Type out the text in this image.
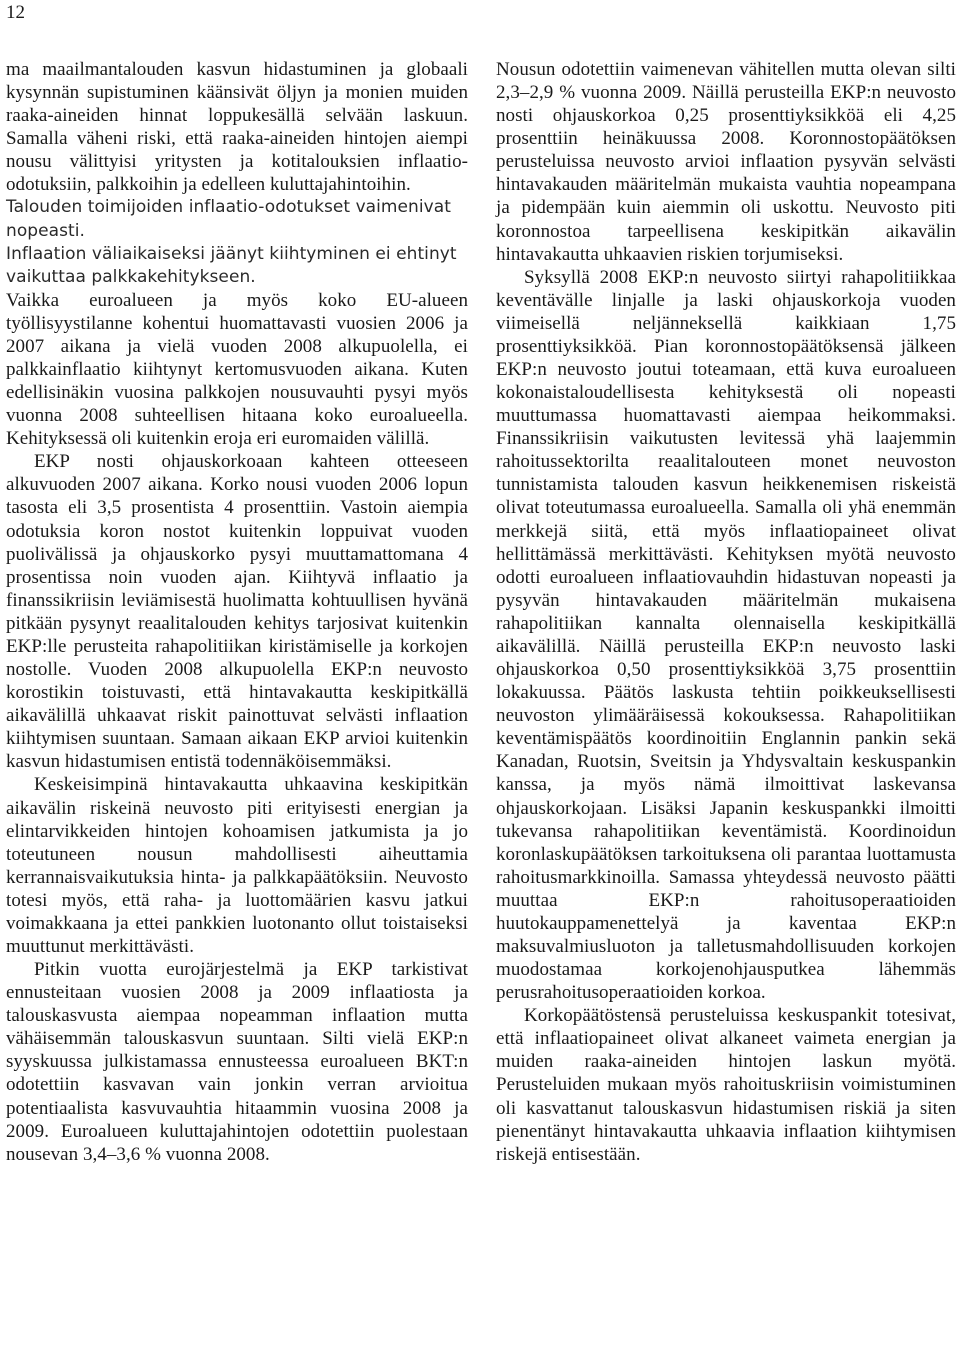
12

ma maailmantalouden kasvun hidastuminen ja globaali kysynnän supistuminen käänsivät öljyn ja monien muiden raaka-aineiden hinnat loppukesällä selvään laskuun. Samalla väheni riski, että raaka-aineiden hintojen aiempi nousu välittyisi yritysten ja kotitalouksien inflaatio-odotuksiin, palkkoihin ja edelleen kuluttajahintoihin.

Talouden toimijoiden inflaatio-odotukset vaimenivat nopeasti.

Inflaation väliaikaiseksi jäänyt kiihtyminen ei ehtinyt vaikuttaa palkkakehitykseen.

Vaikka euroalueen ja myös koko EU-alueen työllisyystilanne kohentui huomattavasti vuosien 2006 ja 2007 aikana ja vielä vuoden 2008 alkupuolella, ei palkkainflaatio kiihtynyt kertomusvuoden aikana. Kuten edellisinäkin vuosina palkkojen nousuvauhti pysyi myös vuonna 2008 suhteellisen hitaana koko euroalueella. Kehityksessä oli kuitenkin eroja eri euromaiden välillä.

EKP nosti ohjauskorkoaan kahteen otteeseen alkuvuoden 2007 aikana. Korko nousi vuoden 2006 lopun tasosta eli 3,5 prosentista 4 prosenttiin. Vastoin aiempia odotuksia koron nostot kuitenkin loppuivat vuoden puolivälissä ja ohjauskorko pysyi muuttamattomana 4 prosentissa noin vuoden ajan. Kiihtyvä inflaatio ja finanssikriisin leviämisestä huolimatta kohtuullisen hyvänä pitkään pysynyt reaalitalouden kehitys tarjosivat kuitenkin EKP:lle perusteita rahapolitiikan kiristämiselle ja korkojen nostolle. Vuoden 2008 alkupuolella EKP:n neuvosto korostikin toistuvasti, että hintavakautta keskipitkällä aikavälillä uhkaavat riskit painottuvat selvästi inflaation kiihtymisen suuntaan. Samaan aikaan EKP arvioi kuitenkin kasvun hidastumisen entistä todennäköisemmäksi.

Keskeisimpinä hintavakautta uhkaavina keskipitkän aikavälin riskeinä neuvosto piti erityisesti energian ja elintarvikkeiden hintojen kohoamisen jatkumista ja jo toteutuneen nousun mahdollisesti aiheuttamia kerrannaisvaikutuksia hinta- ja palkkapäätöksiin. Neuvosto totesi myös, että raha- ja luottomäärien kasvu jatkui voimakkaana ja ettei pankkien luotonanto ollut toistaiseksi muuttunut merkittävästi.

Pitkin vuotta eurojärjestelmä ja EKP tarkistivat ennusteitaan vuosien 2008 ja 2009 inflaatiosta ja talouskasvusta aiempaa nopeamman inflaation mutta vähäisemmän talouskasvun suuntaan. Silti vielä EKP:n syyskuussa julkistamassa ennusteessa euroalueen BKT:n odotettiin kasvavan vain jonkin verran arvioitua potentiaalista kasvuvauhtia hitaammin vuosina 2008 ja 2009. Euroalueen kuluttajahintojen odotettiin puolestaan nousevan 3,4–3,6 % vuonna 2008.

Nousun odotettiin vaimenevan vähitellen mutta olevan silti 2,3–2,9 % vuonna 2009. Näillä perusteilla EKP:n neuvosto nosti ohjauskorkoa 0,25 prosenttiyksikköä eli 4,25 prosenttiin heinäkuussa 2008. Koronnostopäätöksen perusteluissa neuvosto arvioi inflaation pysyvän selvästi hintavakauden määritelmän mukaista vauhtia nopeampana ja pidempään kuin aiemmin oli uskottu. Neuvosto piti koronnostoa tarpeellisena keskipitkän aikavälin hintavakautta uhkaavien riskien torjumiseksi.

Syksyllä 2008 EKP:n neuvosto siirtyi rahapolitiikkaa keventävälle linjalle ja laski ohjauskorkoja vuoden viimeisellä neljänneksellä kaikkiaan 1,75 prosenttiyksikköä. Pian koronnostopäätöksensä jälkeen EKP:n neuvosto joutui toteamaan, että kuva euroalueen kokonaistaloudellisesta kehityksestä oli nopeasti muuttumassa huomattavasti aiempaa heikommaksi. Finanssikriisin vaikutusten levitessä yhä laajemmin rahoitussektorilta reaalitalouteen monet neuvoston tunnistamista talouden kasvun heikkenemisen riskeistä olivat toteutumassa euroalueella. Samalla oli yhä enemmän merkkejä siitä, että myös inflaatiopaineet olivat hellittämässä merkittävästi. Kehityksen myötä neuvosto odotti euroalueen inflaatiovauhdin hidastuvan nopeasti ja pysyvän hintavakauden määritelmän mukaisena rahapolitiikan kannalta olennaisella keskipitkällä aikavälillä. Näillä perusteilla EKP:n neuvosto laski ohjauskorkoa 0,50 prosenttiyksikköä 3,75 prosenttiin lokakuussa. Päätös laskusta tehtiin poikkeuksellisesti neuvoston ylimääräisessä kokouksessa. Rahapolitiikan keventämispäätös koordinoitiin Englannin pankin sekä Kanadan, Ruotsin, Sveitsin ja Yhdysvaltain keskuspankin kanssa, ja myös nämä ilmoittivat laskevansa ohjauskorkojaan. Lisäksi Japanin keskuspankki ilmoitti tukevansa rahapolitiikan keventämistä. Koordinoidun koronlaskupäätöksen tarkoituksena oli parantaa luottamusta rahoitusmarkkinoilla. Samassa yhteydessä neuvosto päätti muuttaa EKP:n rahoitusoperaatioiden huutokauppamenettelyä ja kaventaa EKP:n maksuvalmiusluoton ja talletusmahdollisuuden korkojen muodostamaa korkojenohjausputkea lähemmäs perusrahoitusoperaatioiden korkoa.

Korkopäätöstensä perusteluissa keskuspankit totesivat, että inflaatiopaineet olivat alkaneet vaimeta energian ja muiden raaka-aineiden hintojen laskun myötä. Perusteluiden mukaan myös rahoituskriisin voimistuminen oli kasvattanut talouskasvun hidastumisen riskiä ja siten pienentänyt hintavakautta uhkaavia inflaation kiihtymisen riskejä entisestään.
